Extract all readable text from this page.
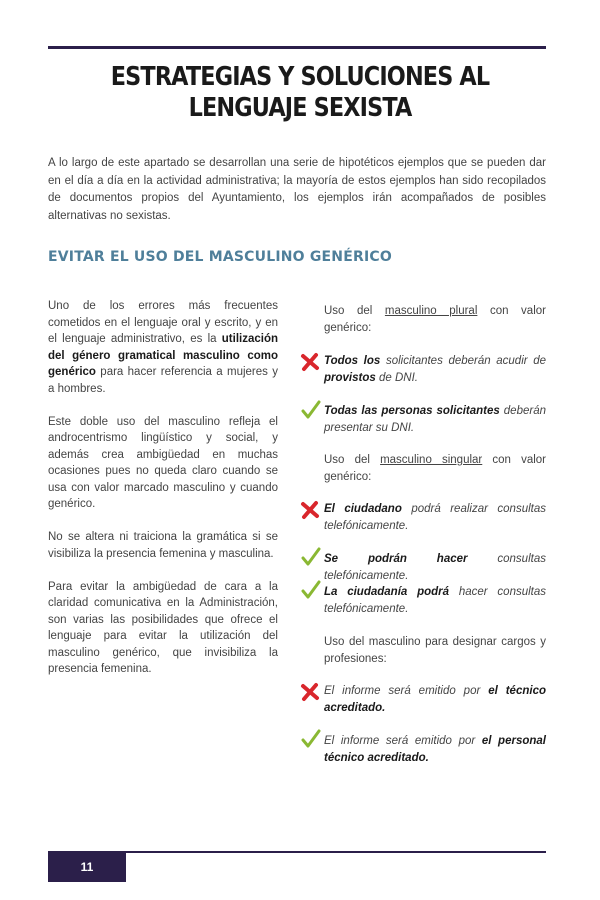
ESTRATEGIAS Y SOLUCIONES AL LENGUAJE SEXISTA

A lo largo de este apartado se desarrollan una serie de hipotéticos ejemplos que se pueden dar en el día a día en la actividad administrativa; la mayoría de estos ejemplos han sido recopilados de documentos propios del Ayuntamiento, los ejemplos irán acompañados de posibles alternativas no sexistas.

EVITAR EL USO DEL MASCULINO GENÉRICO

Uno de los errores más frecuentes cometidos en el lenguaje oral y escrito, y en el lenguaje administrativo, es la utilización del género gramatical masculino como genérico para hacer referencia a mujeres y a hombres.

Este doble uso del masculino refleja el androcentrismo lingüístico y social, y además crea ambigüedad en muchas ocasiones pues no queda claro cuando se usa con valor marcado masculino y cuando genérico.

No se altera ni traiciona la gramática si se visibiliza la presencia femenina y masculina.

Para evitar la ambigüedad de cara a la claridad comunicativa en la Administración, son varias las posibilidades que ofrece el lenguaje para evitar la utilización del masculino genérico, que invisibiliza la presencia femenina.

Uso del masculino plural con valor genérico:

Todos los solicitantes deberán acudir de provistos de DNI.

Todas las personas solicitantes deberán presentar su DNI.

Uso del masculino singular con valor genérico:

El ciudadano podrá realizar consultas telefónicamente.

Se podrán hacer	consultas telefónicamente.

La ciudadanía podrá hacer consultas telefónicamente.

Uso del masculino para designar cargos y profesiones:

El informe será emitido por el técnico acreditado.

El informe será emitido por el personal técnico acreditado.

11
